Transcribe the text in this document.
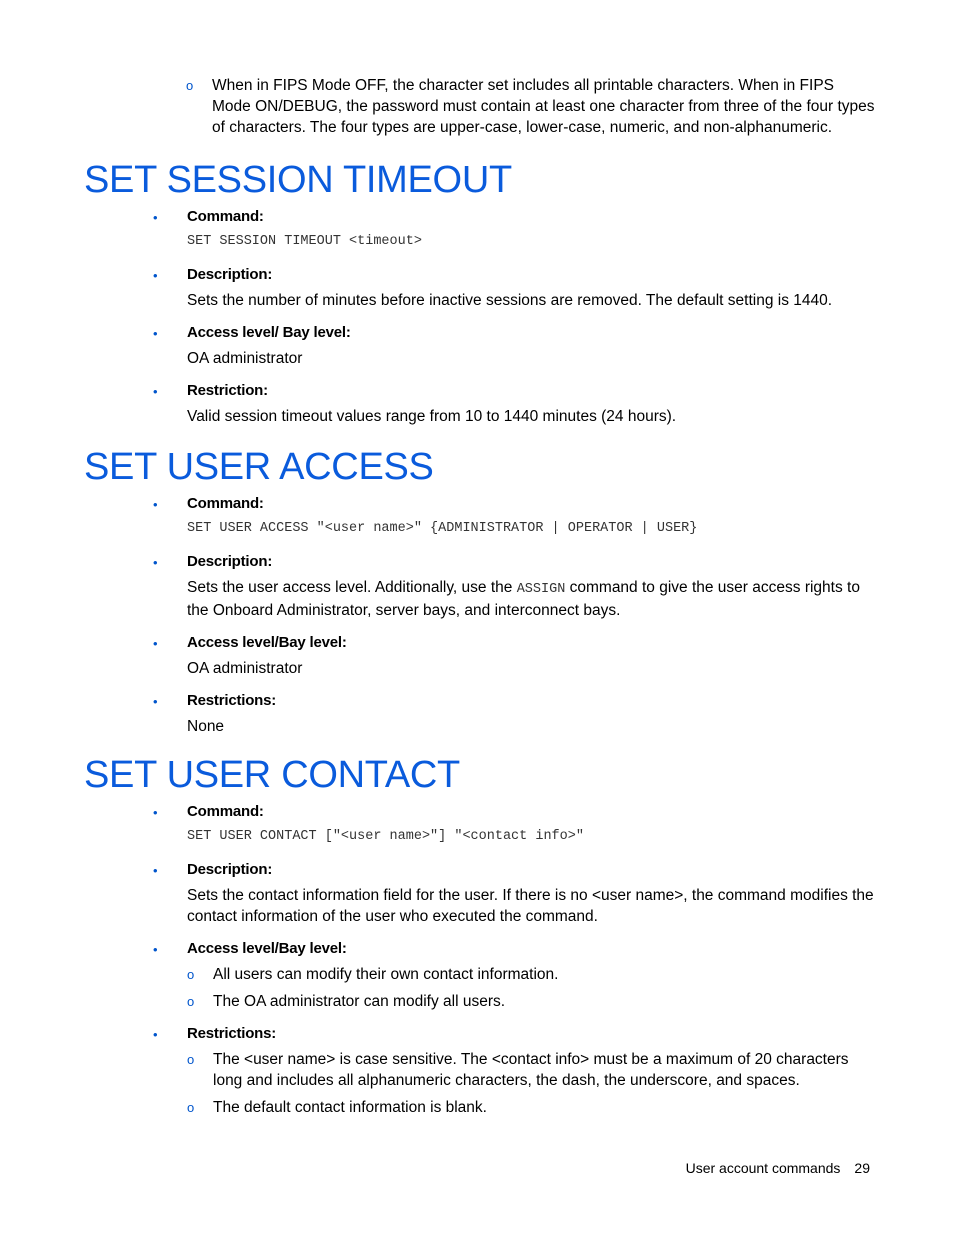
o When in FIPS Mode OFF, the character set includes all printable characters. When in FIPS Mode ON/DEBUG, the password must contain at least one character from three of the four types of characters. The four types are upper-case, lower-case, numeric, and non-alphanumeric.
SET SESSION TIMEOUT
• Command:
SET SESSION TIMEOUT <timeout>
• Description:

Sets the number of minutes before inactive sessions are removed. The default setting is 1440.

• Access level/ Bay level:

OA administrator

• Restriction:

Valid session timeout values range from 10 to 1440 minutes (24 hours).

SET USER ACCESS
• Command:
SET USER ACCESS "<user name>" {ADMINISTRATOR | OPERATOR | USER}
• Description:

Sets the user access level. Additionally, use the ASSIGN command to give the user access rights to the Onboard Administrator, server bays, and interconnect bays.

• Access level/Bay level:

OA administrator

• Restrictions:

None

SET USER CONTACT
• Command:
SET USER CONTACT ["<user name>"] "<contact info>"
• Description:

Sets the contact information field for the user. If there is no <user name>, the command modifies the contact information of the user who executed the command.

• Access level/Bay level:
o All users can modify their own contact information.
o The OA administrator can modify all users.
• Restrictions:
o The <user name> is case sensitive. The <contact info> must be a maximum of 20 characters long and includes all alphanumeric characters, the dash, the underscore, and spaces.
o The default contact information is blank.
User account commands 29
